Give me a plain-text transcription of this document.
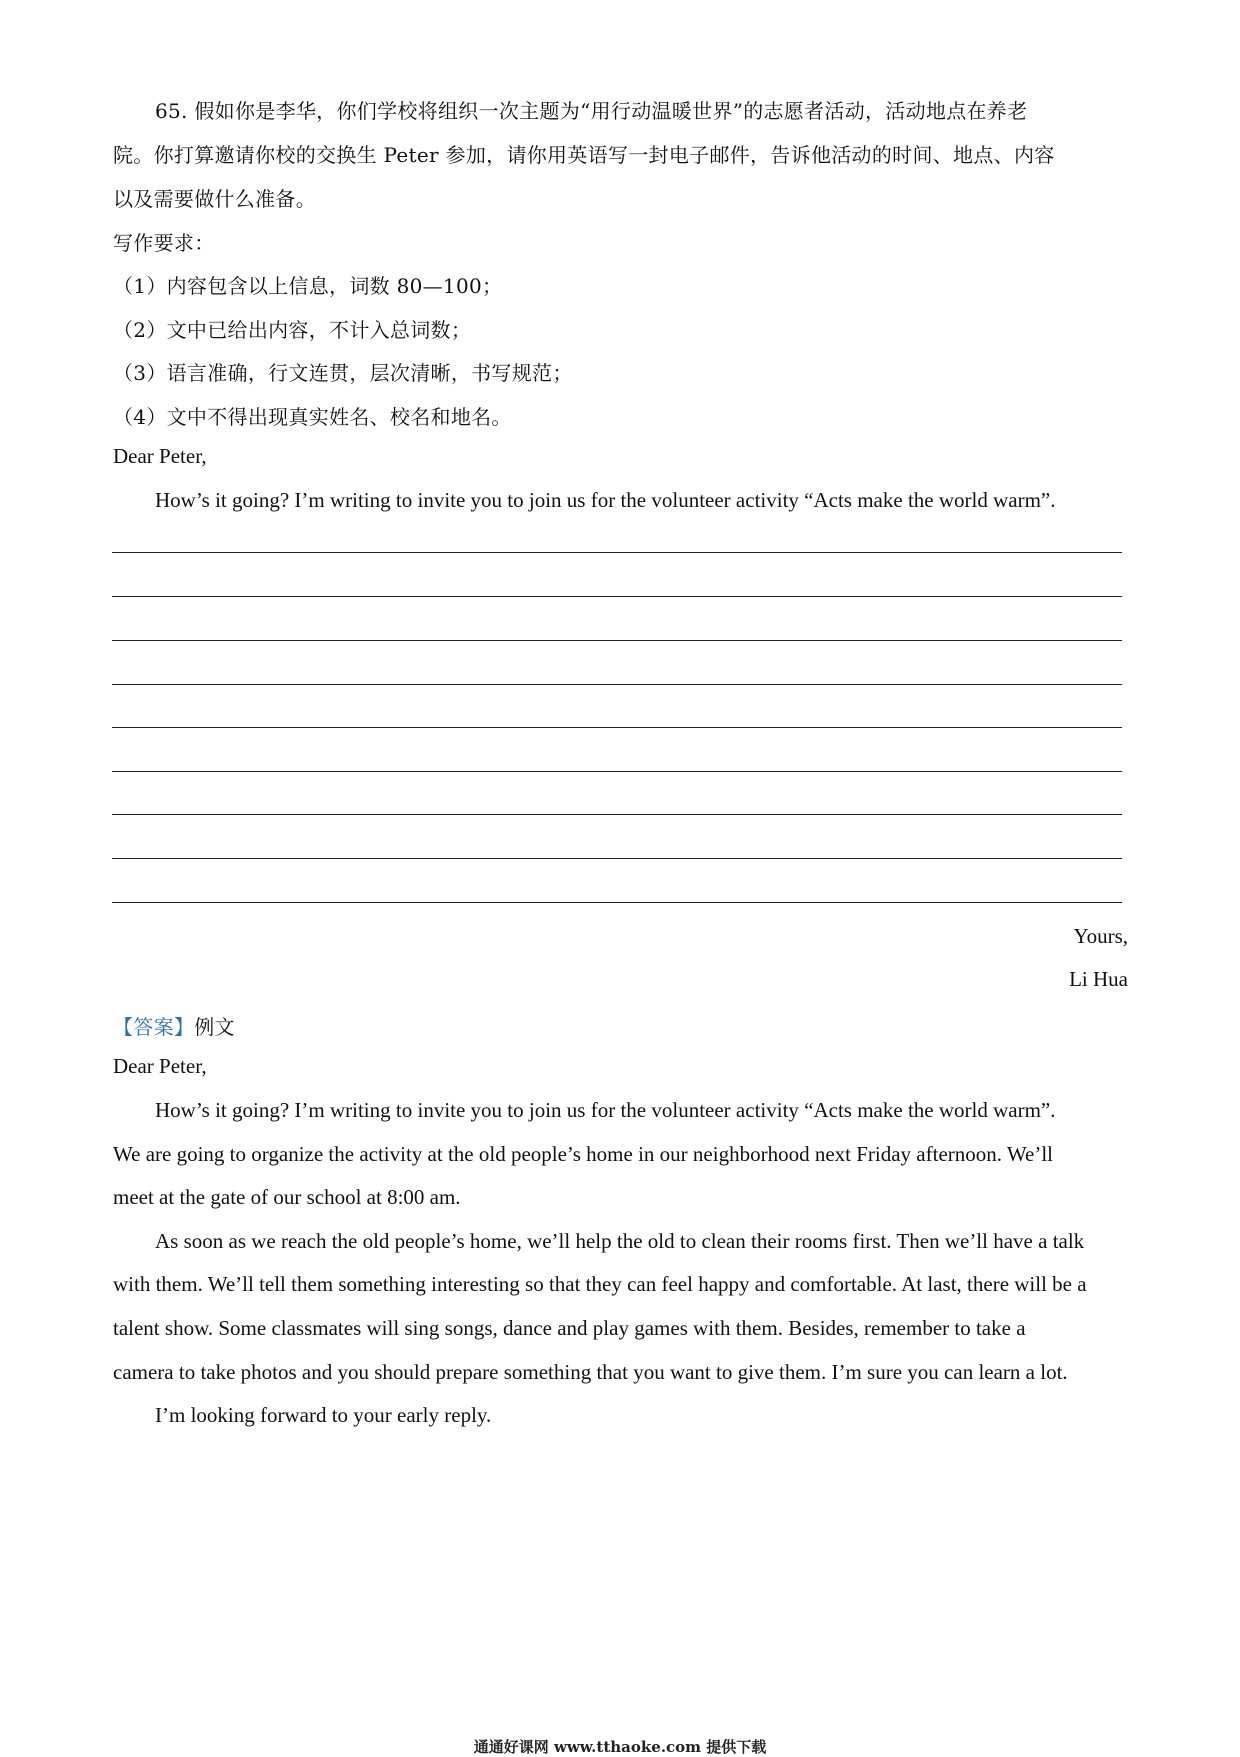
65. 假如你是李华，你们学校将组织一次主题为“用行动温暖世界”的志愿者活动，活动地点在养老
院。你打算邀请你校的交换生 Peter 参加，请你用英语写一封电子邮件，告诉他活动的时间、地点、内容
以及需要做什么准备。
写作要求：
（1）内容包含以上信息，词数 80—100；
（2）文中已给出内容，不计入总词数；
（3）语言准确，行文连贯，层次清晰，书写规范；
（4）文中不得出现真实姓名、校名和地名。
Dear Peter,
How’s it going? I’m writing to invite you to join us for the volunteer activity “Acts make the world warm”.
Yours,
Li Hua
【答案】例文
Dear Peter,
How’s it going? I’m writing to invite you to join us for the volunteer activity “Acts make the world warm”.
We are going to organize the activity at the old people’s home in our neighborhood next Friday afternoon. We’ll
meet at the gate of our school at 8:00 am.
As soon as we reach the old people’s home, we’ll help the old to clean their rooms first. Then we’ll have a talk
with them. We’ll tell them something interesting so that they can feel happy and comfortable. At last, there will be a
talent show. Some classmates will sing songs, dance and play games with them. Besides, remember to take a
camera to take photos and you should prepare something that you want to give them. I’m sure you can learn a lot.
I’m looking forward to your early reply.
通通好课网 www.tthaoke.com 提供下载
